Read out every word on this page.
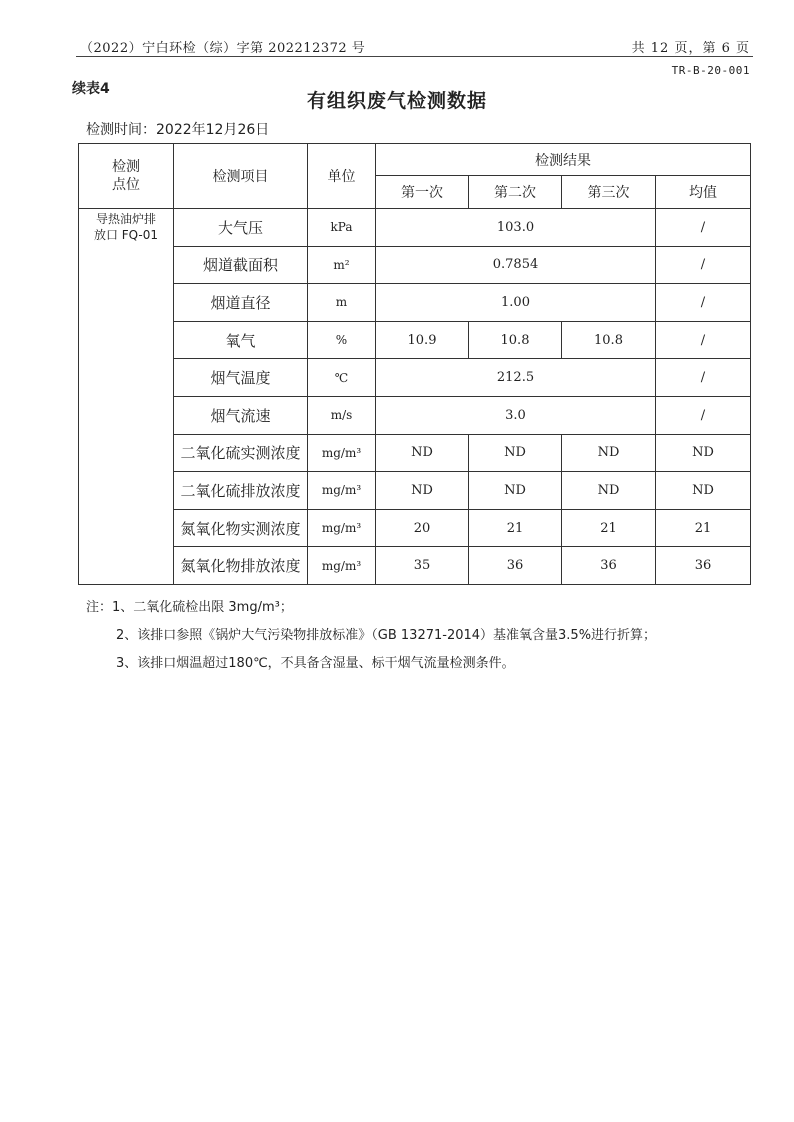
（2022）宁白环检（综）字第 202212372 号	共 12 页，第 6 页
TR-B-20-001
续表4
有组织废气检测数据
检测时间：2022年12月26日
检测
点位	检测项目	单位	检测结果			
			第一次	第二次	第三次	均值
导热油炉排
放口 FQ-01	大气压	kPa	103.0			/
	烟道截面积	m²	0.7854			/
	烟道直径	m	1.00			/
	氧气	%	10.9	10.8	10.8	/
	烟气温度	℃	212.5			/
	烟气流速	m/s	3.0			/
	二氧化硫实测浓度	mg/m³	ND	ND	ND	ND
	二氧化硫排放浓度	mg/m³	ND	ND	ND	ND
	氮氧化物实测浓度	mg/m³	20	21	21	21
	氮氧化物排放浓度	mg/m³	35	36	36	36
注：1、二氧化硫检出限 3mg/m³；
2、该排口参照《锅炉大气污染物排放标准》（GB 13271-2014）基准氧含量3.5%进行折算；
3、该排口烟温超过180℃，不具备含湿量、标干烟气流量检测条件。
